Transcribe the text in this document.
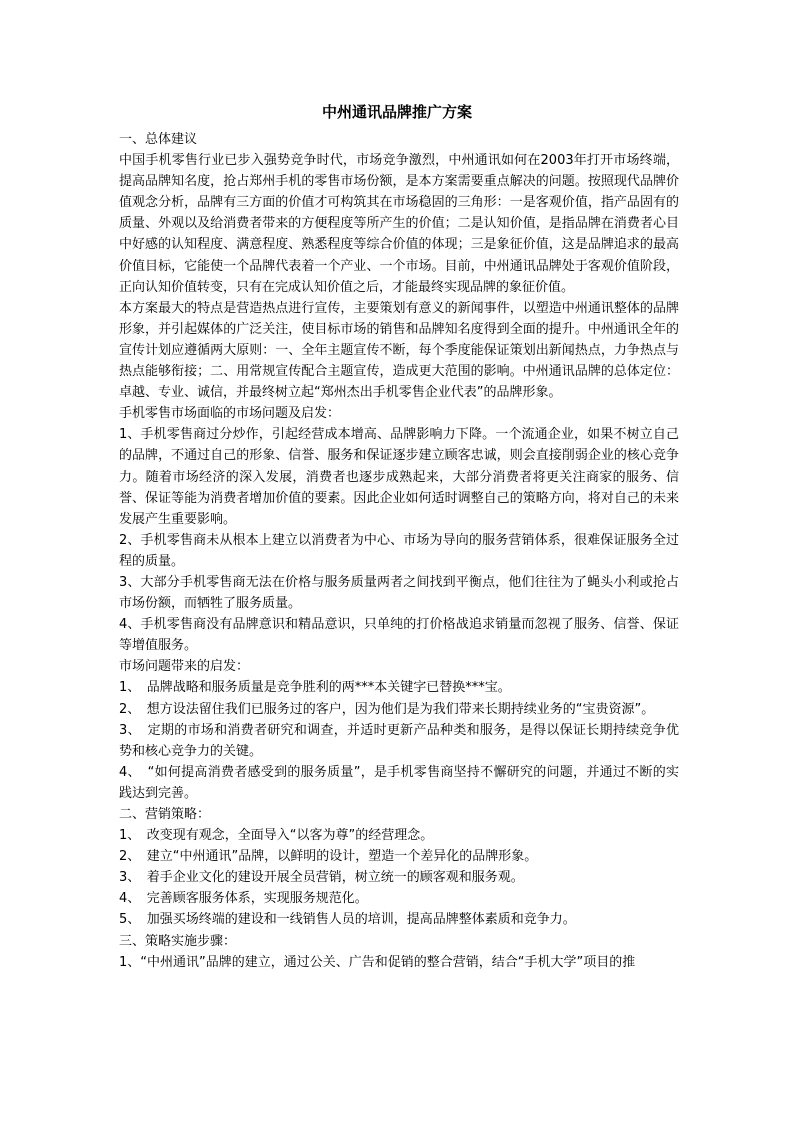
中州通讯品牌推广方案

一、总体建议

中国手机零售行业已步入强势竞争时代，市场竞争激烈，中州通讯如何在2003年打开市场终端，提高品牌知名度，抢占郑州手机的零售市场份额，是本方案需要重点解决的问题。按照现代品牌价值观念分析，品牌有三方面的价值才可构筑其在市场稳固的三角形：一是客观价值，指产品固有的质量、外观以及给消费者带来的方便程度等所产生的价值；二是认知价值，是指品牌在消费者心目中好感的认知程度、满意程度、熟悉程度等综合价值的体现；三是象征价值，这是品牌追求的最高价值目标，它能使一个品牌代表着一个产业、一个市场。目前，中州通讯品牌处于客观价值阶段，正向认知价值转变，只有在完成认知价值之后，才能最终实现品牌的象征价值。

本方案最大的特点是营造热点进行宣传，主要策划有意义的新闻事件，以塑造中州通讯整体的品牌形象，并引起媒体的广泛关注，使目标市场的销售和品牌知名度得到全面的提升。中州通讯全年的宣传计划应遵循两大原则：一、全年主题宣传不断，每个季度能保证策划出新闻热点，力争热点与热点能够衔接；二、用常规宣传配合主题宣传，造成更大范围的影响。中州通讯品牌的总体定位：卓越、专业、诚信，并最终树立起“郑州杰出手机零售企业代表”的品牌形象。

手机零售市场面临的市场问题及启发：

1、手机零售商过分炒作，引起经营成本增高、品牌影响力下降。一个流通企业，如果不树立自己的品牌，不通过自己的形象、信誉、服务和保证逐步建立顾客忠诚，则会直接削弱企业的核心竞争力。随着市场经济的深入发展，消费者也逐步成熟起来，大部分消费者将更关注商家的服务、信誉、保证等能为消费者增加价值的要素。因此企业如何适时调整自己的策略方向，将对自己的未来发展产生重要影响。

2、手机零售商未从根本上建立以消费者为中心、市场为导向的服务营销体系，很难保证服务全过程的质量。

3、大部分手机零售商无法在价格与服务质量两者之间找到平衡点，他们往往为了蝇头小利或抢占市场份额，而牺牲了服务质量。

4、手机零售商没有品牌意识和精品意识，只单纯的打价格战追求销量而忽视了服务、信誉、保证等增值服务。

市场问题带来的启发：

1、　品牌战略和服务质量是竞争胜利的两***本关键字已替换***宝。

2、　想方设法留住我们已服务过的客户，因为他们是为我们带来长期持续业务的“宝贵资源”。

3、　定期的市场和消费者研究和调查，并适时更新产品种类和服务，是得以保证长期持续竞争优势和核心竞争力的关键。

4、　“如何提高消费者感受到的服务质量”，是手机零售商坚持不懈研究的问题，并通过不断的实践达到完善。

二、营销策略：

1、　改变现有观念，全面导入“以客为尊”的经营理念。

2、　建立“中州通讯”品牌，以鲜明的设计，塑造一个差异化的品牌形象。

3、　着手企业文化的建设开展全员营销，树立统一的顾客观和服务观。

4、　完善顾客服务体系，实现服务规范化。

5、　加强买场终端的建设和一线销售人员的培训，提高品牌整体素质和竞争力。

三、策略实施步骤：

1、“中州通讯”品牌的建立，通过公关、广告和促销的整合营销，结合“手机大学”项目的推
